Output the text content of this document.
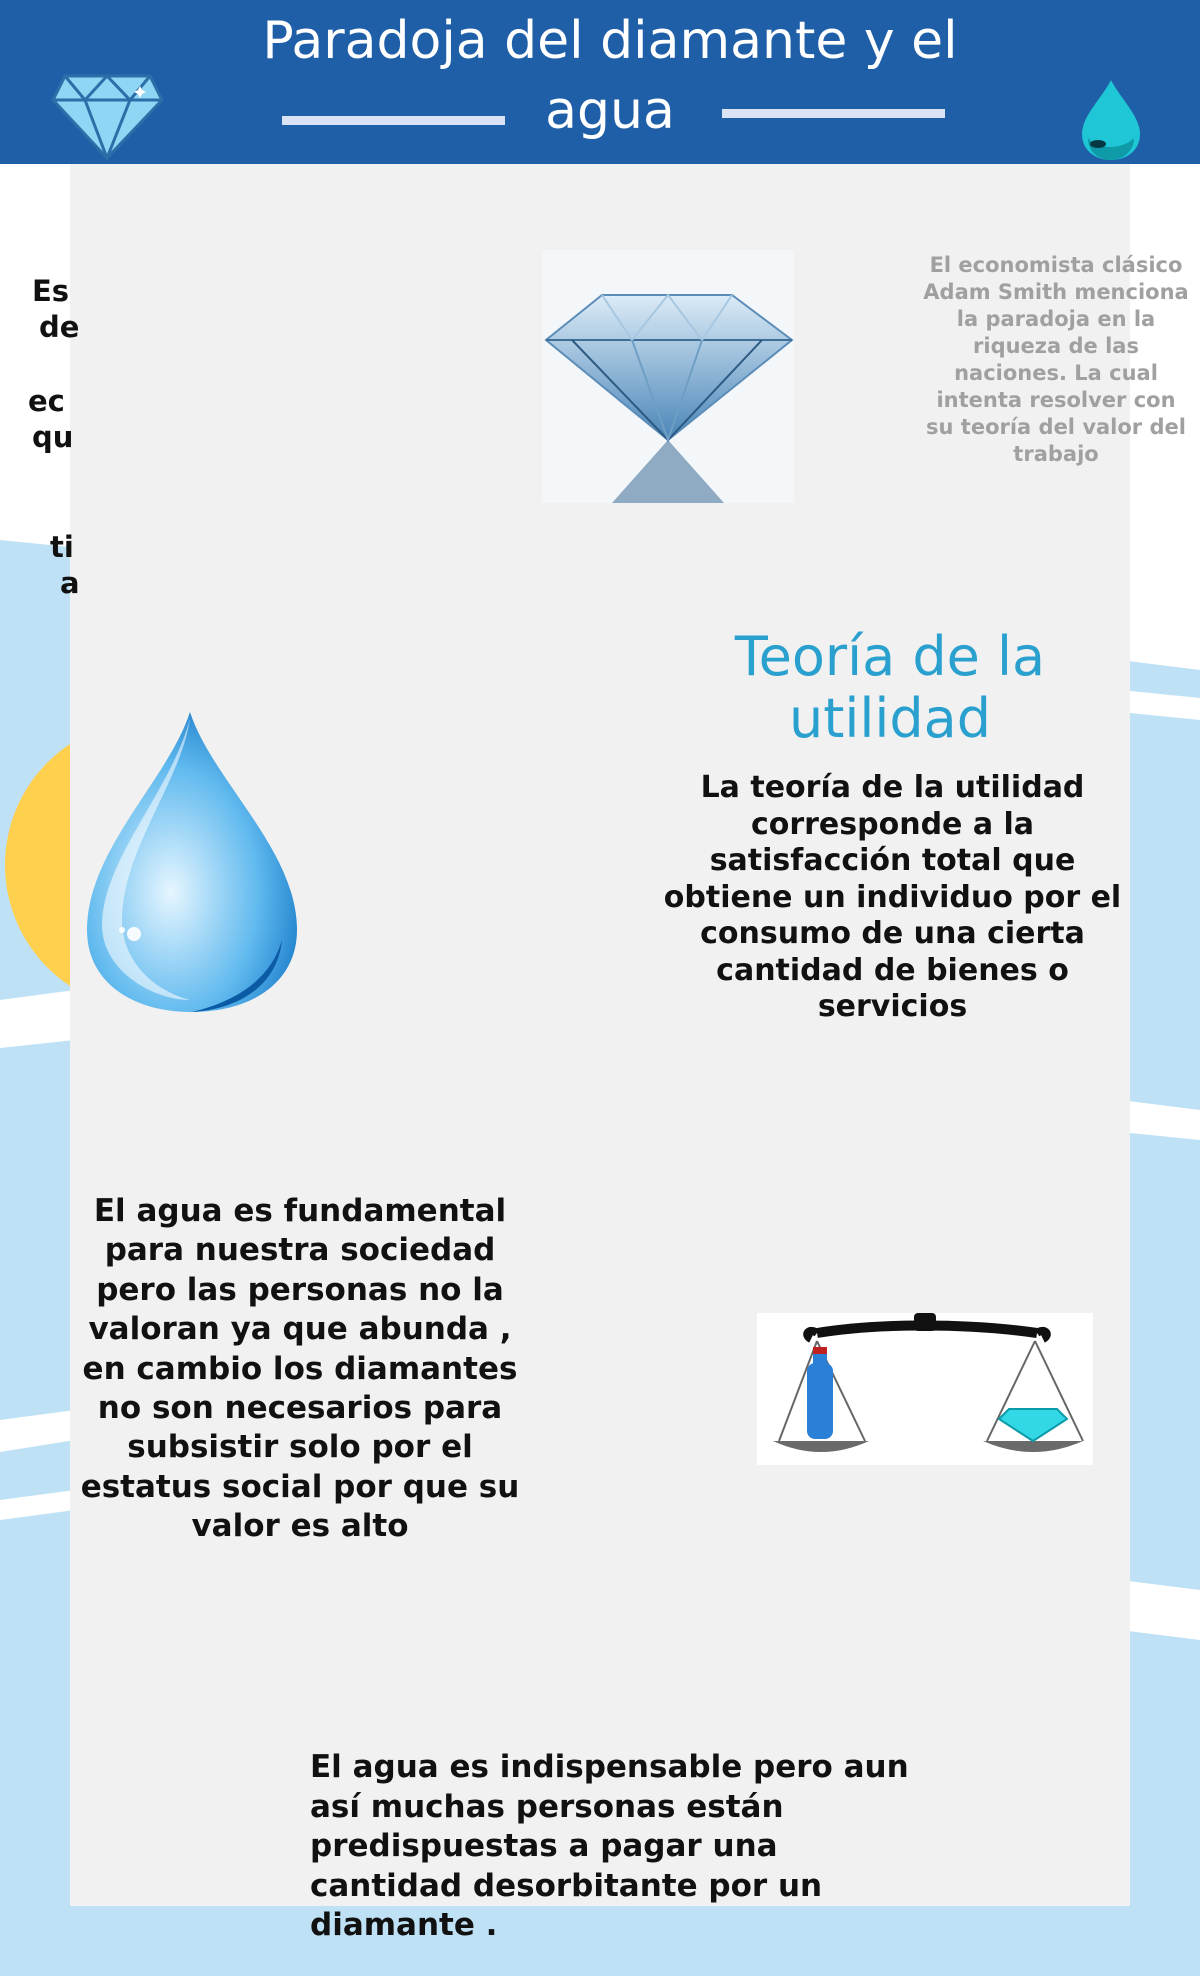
Paradoja del diamante y el agua
Es
de
ec
qu
ti
a
El economista clásico Adam Smith menciona la paradoja en la riqueza de las naciones. La cual intenta resolver con su teoría del valor del trabajo
Teoría de la utilidad
La teoría de la utilidad corresponde a la satisfacción total que obtiene un individuo por el consumo de una cierta cantidad de bienes o servicios
El agua es fundamental para nuestra sociedad pero las personas no la valoran ya que abunda , en cambio los diamantes no son necesarios para subsistir solo por el estatus social por que su valor es alto
El agua es indispensable pero aun así muchas personas están predispuestas a pagar una cantidad desorbitante por un diamante .
